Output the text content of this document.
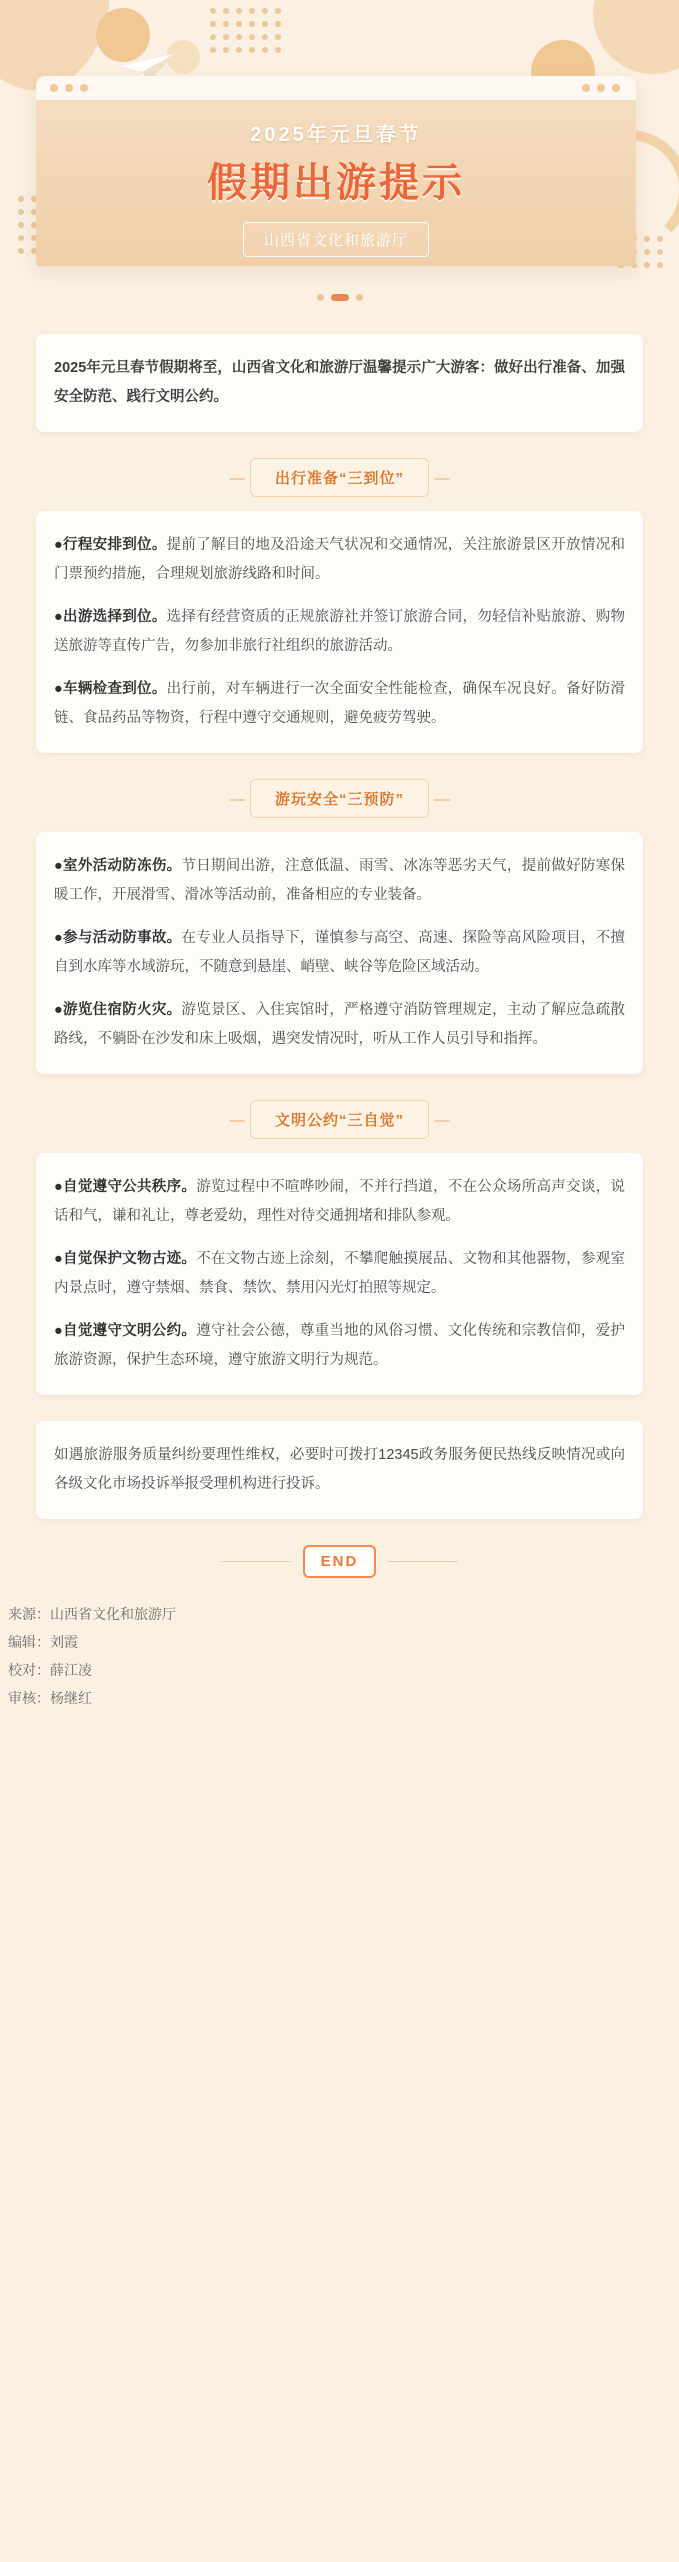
2025年元旦春节
假期出游提示
山西省文化和旅游厅

2025年元旦春节假期将至，山西省文化和旅游厅温馨提示广大游客：做好出行准备、加强安全防范、践行文明公约。

出行准备“三到位”

●行程安排到位。提前了解目的地及沿途天气状况和交通情况，关注旅游景区开放情况和门票预约措施，合理规划旅游线路和时间。

●出游选择到位。选择有经营资质的正规旅游社并签订旅游合同，勿轻信补贴旅游、购物送旅游等直传广告，勿参加非旅行社组织的旅游活动。

●车辆检查到位。出行前，对车辆进行一次全面安全性能检查，确保车况良好。备好防滑链、食品药品等物资，行程中遵守交通规则，避免疲劳驾驶。

游玩安全“三预防”

●室外活动防冻伤。节日期间出游，注意低温、雨雪、冰冻等恶劣天气，提前做好防寒保暖工作，开展滑雪、滑冰等活动前，准备相应的专业装备。

●参与活动防事故。在专业人员指导下，谨慎参与高空、高速、探险等高风险项目，不擅自到水库等水域游玩，不随意到悬崖、峭壁、峡谷等危险区域活动。

●游览住宿防火灾。游览景区、入住宾馆时，严格遵守消防管理规定，主动了解应急疏散路线，不躺卧在沙发和床上吸烟，遇突发情况时，听从工作人员引导和指挥。

文明公约“三自觉”

●自觉遵守公共秩序。游览过程中不喧哗吵闹，不并行挡道，不在公众场所高声交谈，说话和气，谦和礼让，尊老爱幼，理性对待交通拥堵和排队参观。

●自觉保护文物古迹。不在文物古迹上涂刻，不攀爬触摸展品、文物和其他器物，参观室内景点时，遵守禁烟、禁食、禁饮、禁用闪光灯拍照等规定。

●自觉遵守文明公约。遵守社会公德，尊重当地的风俗习惯、文化传统和宗教信仰，爱护旅游资源，保护生态环境，遵守旅游文明行为规范。

如遇旅游服务质量纠纷要理性维权，必要时可拨打12345政务服务便民热线反映情况或向各级文化市场投诉举报受理机构进行投诉。

END
来源：山西省文化和旅游厅
编辑：刘霞
校对：薛江凌
审核：杨继红
